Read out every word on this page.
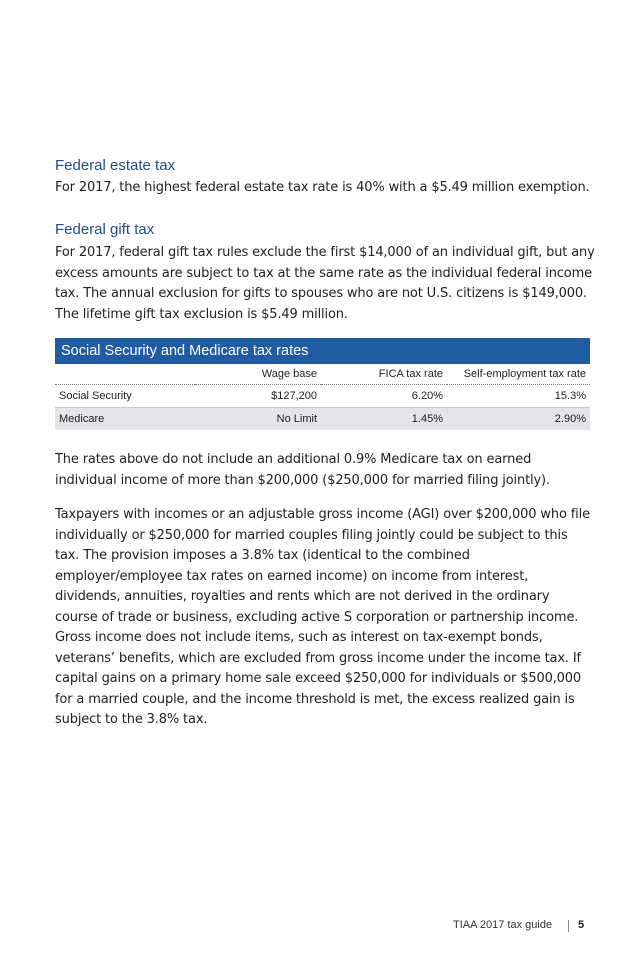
Federal estate tax

For 2017, the highest federal estate tax rate is 40% with a $5.49 million exemption.

Federal gift tax

For 2017, federal gift tax rules exclude the first $14,000 of an individual gift, but any excess amounts are subject to tax at the same rate as the individual federal income tax. The annual exclusion for gifts to spouses who are not U.S. citizens is $149,000. The lifetime gift tax exclusion is $5.49 million.

Social Security and Medicare tax rates
	Wage base	FICA tax rate	Self-employment tax rate
Social Security	$127,200	6.20%	15.3%
Medicare	No Limit	1.45%	2.90%

The rates above do not include an additional 0.9% Medicare tax on earned individual income of more than $200,000 ($250,000 for married filing jointly).

Taxpayers with incomes or an adjustable gross income (AGI) over $200,000 who file individually or $250,000 for married couples filing jointly could be subject to this tax. The provision imposes a 3.8% tax (identical to the combined employer/employee tax rates on earned income) on income from interest, dividends, annuities, royalties and rents which are not derived in the ordinary course of trade or business, excluding active S corporation or partnership income. Gross income does not include items, such as interest on tax-exempt bonds, veterans’ benefits, which are excluded from gross income under the income tax. If capital gains on a primary home sale exceed $250,000 for individuals or $500,000 for a married couple, and the income threshold is met, the excess realized gain is subject to the 3.8% tax.

TIAA 2017 tax guide 5
